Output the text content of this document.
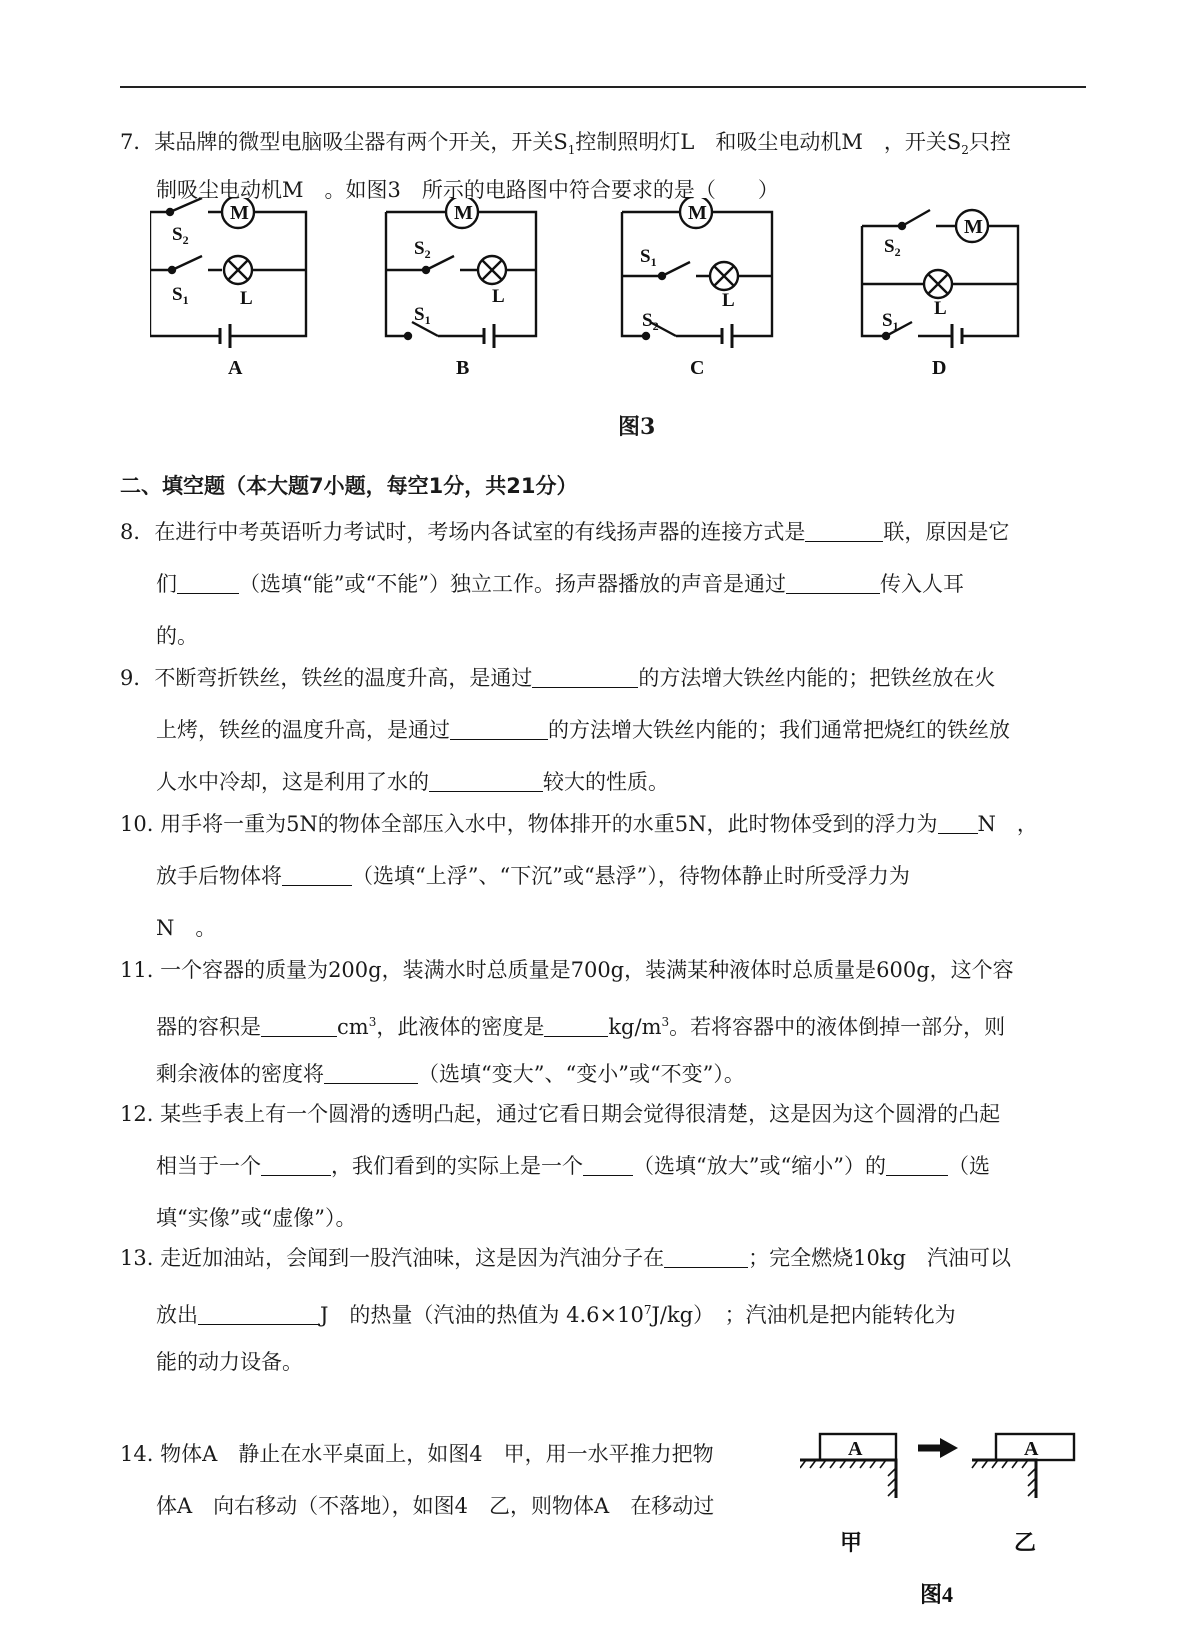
7．某品牌的微型电脑吸尘器有两个开关，开关$S_1$控制照明灯L　和吸尘电动机M　，开关$S_2$只控
制吸尘电动机M　。如图3　所示的电路图中符合要求的是（　　）
M
$S_2$
$S_1$	L
A
M
$S_2$
$S_1$
L
B
M
$S_1$
$S_2$
L
C
M
$S_2$
$S_1$
L
D
图3
二、填空题（本大题7小题，每空1分，共21分）
8．在进行中考英语听力考试时，考场内各试室的有线扬声器的连接方式是	联，原因是它
们	（选填“能”或“不能”）独立工作。扬声器播放的声音是通过	传入人耳
的。
9．不断弯折铁丝，铁丝的温度升高，是通过	的方法增大铁丝内能的；把铁丝放在火
上烤，铁丝的温度升高，是通过	的方法增大铁丝内能的；我们通常把烧红的铁丝放
人水中冷却，这是利用了水的	较大的性质。
10. 用手将一重为5N的物体全部压入水中，物体排开的水重5N，此时物体受到的浮力为 N　，
放手后物体将	（选填“上浮”、“下沉”或“悬浮”），待物体静止时所受浮力为
N　。
11. 一个容器的质量为200g，装满水时总质量是700g，装满某种液体时总质量是600g，这个容
器的容积是	$cm^3$，此液体的密度是	$kg/m^3$。若将容器中的液体倒掉一部分，则
剩余液体的密度将	（选填“变大”、“变小”或“不变”）。
12. 某些手表上有一个圆滑的透明凸起，通过它看日期会觉得很清楚，这是因为这个圆滑的凸起
相当于一个	，我们看到的实际上是一个 （选填“放大”或“缩小”）的	（选
填“实像”或“虚像”）。
13. 走近加油站，会闻到一股汽油味，这是因为汽油分子在	；完全燃烧10kg　汽油可以
放出	J　的热量（汽油的热值为 $4.6\times 10^7J/kg$）　；汽油机是把内能转化为
能的动力设备。
14. 物体A　静止在水平桌面上，如图4　甲，用一水平推力把物
体A　向右移动（不落地），如图4　乙，则物体A　在移动过
A
甲
A
乙
图4
